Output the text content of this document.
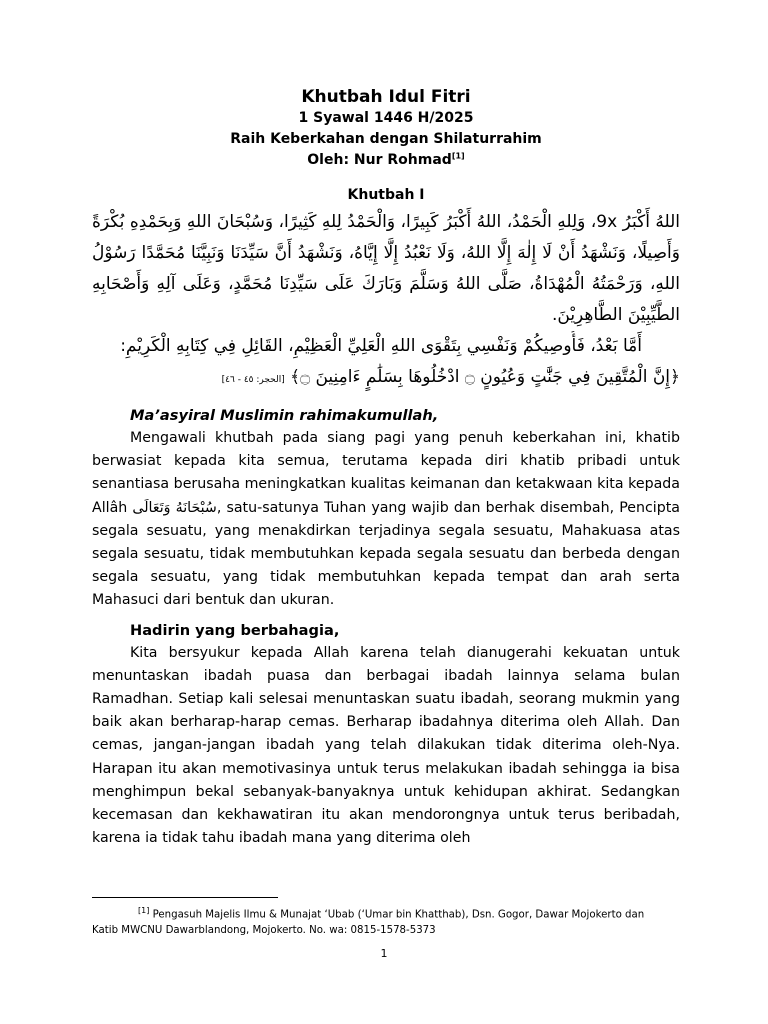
Khutbah Idul Fitri

1 Syawal 1446 H/2025

Raih Keberkahan dengan Shilaturrahim

Oleh: Nur Rohmad[1]

Khutbah I

اللهُ أَكْبَرُ 9x، وَلِلهِ الْحَمْدُ، اللهُ أَكْبَرُ كَبِيرًا، وَالْحَمْدُ لِلهِ كَثِيرًا، وَسُبْحَانَ اللهِ وَبِحَمْدِهِ بُكْرَةً وَأَصِيلًا، وَنَشْهَدُ أَنْ لَا إِلٰهَ إِلَّا اللهُ، وَلَا نَعْبُدُ إِلَّا إِيَّاهُ، وَنَشْهَدُ أَنَّ سَيِّدَنَا وَنَبِيَّنَا مُحَمَّدًا رَسُوْلُ اللهِ، وَرَحْمَتُهُ الْمُهْدَاةُ، صَلَّى اللهُ وَسَلَّمَ وَبَارَكَ عَلَى سَيِّدِنَا مُحَمَّدٍ، وَعَلَى آلِهِ وَأَصْحَابِهِ الطَّيِّبِيْنَ الطَّاهِرِيْنَ.

أَمَّا بَعْدُ، فَأُوصِيكُمْ وَنَفْسِي بِتَقْوَى اللهِ الْعَلِيِّ الْعَظِيْمِ، القَائِلِ فِي كِتَابِهِ الْكَرِيْمِ:

﴿إِنَّ الْمُتَّقِينَ فِي جَنَّٰتٍ وَعُيُونٍ ۝ ادْخُلُوهَا بِسَلَٰمٍ ءَامِنِينَ ۝﴾ [الحجر: ٤٥ - ٤٦]

Ma’asyiral Muslimin rahimakumullah,

Mengawali khutbah pada siang pagi yang penuh keberkahan ini, khatib berwasiat kepada kita semua, terutama kepada diri khatib pribadi untuk senantiasa berusaha meningkatkan kualitas keimanan dan ketakwaan kita kepada Allâh سُبْحَانَهُ وَتَعَالَى, satu-satunya Tuhan yang wajib dan berhak disembah, Pencipta segala sesuatu, yang menakdirkan terjadinya segala sesuatu, Mahakuasa atas segala sesuatu, tidak membutuhkan kepada segala sesuatu dan berbeda dengan segala sesuatu, yang tidak membutuhkan kepada tempat dan arah serta Mahasuci dari bentuk dan ukuran.

Hadirin yang berbahagia,

Kita bersyukur kepada Allah karena telah dianugerahi kekuatan untuk menuntaskan ibadah puasa dan berbagai ibadah lainnya selama bulan Ramadhan. Setiap kali selesai menuntaskan suatu ibadah, seorang mukmin yang baik akan berharap-harap cemas. Berharap ibadahnya diterima oleh Allah. Dan cemas, jangan-jangan ibadah yang telah dilakukan tidak diterima oleh-Nya. Harapan itu akan memotivasinya untuk terus melakukan ibadah sehingga ia bisa menghimpun bekal sebanyak-banyaknya untuk kehidupan akhirat. Sedangkan kecemasan dan kekhawatiran itu akan mendorongnya untuk terus beribadah, karena ia tidak tahu ibadah mana yang diterima oleh

[1] Pengasuh Majelis Ilmu & Munajat ‘Ubab (‘Umar bin Khatthab), Dsn. Gogor, Dawar Mojokerto dan
Katib MWCNU Dawarblandong, Mojokerto. No. wa: 0815-1578-5373
1
